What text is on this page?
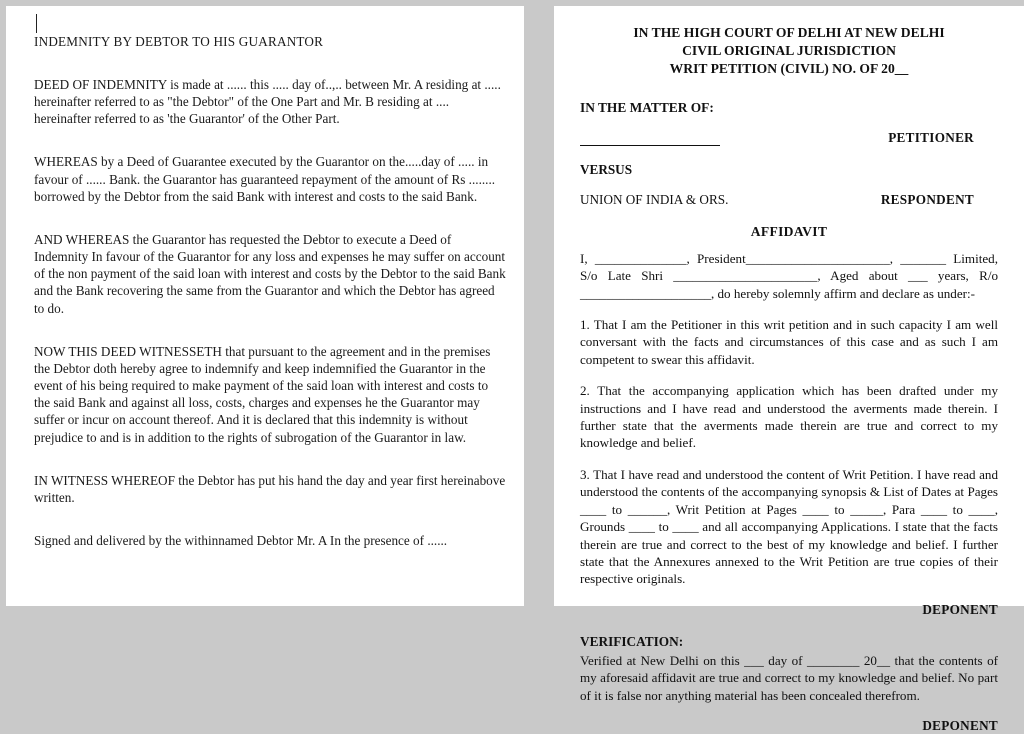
INDEMNITY BY DEBTOR TO HIS GUARANTOR

DEED OF INDEMNITY is made at ...... this ..... day of..,.. between Mr. A residing at ..... hereinafter referred to as "the Debtor" of the One Part and Mr. B residing at .... hereinafter referred to as 'the Guarantor' of the Other Part.

WHEREAS by a Deed of Guarantee executed by the Guarantor on the.....day of ..... in favour of ...... Bank. the Guarantor has guaranteed repayment of the amount of Rs ........ borrowed by the Debtor from the said Bank with interest and costs to the said Bank.

AND WHEREAS the Guarantor has requested the Debtor to execute a Deed of Indemnity In favour of the Guarantor for any loss and expenses he may suffer on account of the non payment of the said loan with interest and costs by the Debtor to the said Bank and the Bank recovering the same from the Guarantor and which the Debtor has agreed to do.

NOW THIS DEED WITNESSETH that pursuant to the agreement and in the premises the Debtor doth hereby agree to indemnify and keep indemnified the Guarantor in the event of his being required to make payment of the said loan with interest and costs to the said Bank and against all loss, costs, charges and expenses he the Guarantor may suffer or incur on account thereof. And it is declared that this indemnity is without prejudice to and is in addition to the rights of subrogation of the Guarantor in law.

IN WITNESS WHEREOF the Debtor has put his hand the day and year first hereinabove written.

Signed and delivered by the withinnamed Debtor Mr. A In the presence of ......

IN THE HIGH COURT OF DELHI AT NEW DELHI
CIVIL ORIGINAL JURISDICTION
WRIT PETITION (CIVIL) NO. OF 20__
IN THE MATTER OF:
PETITIONER
VERSUS
UNION OF INDIA & ORS.	RESPONDENT
AFFIDAVIT

I, ______________, President______________________, _______ Limited, S/o Late Shri ______________________, Aged about ___ years, R/o ____________________, do hereby solemnly affirm and declare as under:-

1. That I am the Petitioner in this writ petition and in such capacity I am well conversant with the facts and circumstances of this case and as such I am competent to swear this affidavit.

2. That the accompanying application which has been drafted under my instructions and I have read and understood the averments made therein. I further state that the averments made therein are true and correct to my knowledge and belief.

3. That I have read and understood the content of Writ Petition. I have read and understood the contents of the accompanying synopsis & List of Dates at Pages ____ to ______, Writ Petition at Pages ____ to _____, Para ____ to ____, Grounds ____ to ____ and all accompanying Applications. I state that the facts therein are true and correct to the best of my knowledge and belief. I further state that the Annexures annexed to the Writ Petition are true copies of their respective originals.

DEPONENT
VERIFICATION:

Verified at New Delhi on this ___ day of ________ 20__ that the contents of my aforesaid affidavit are true and correct to my knowledge and belief. No part of it is false nor anything material has been concealed therefrom.

DEPONENT
